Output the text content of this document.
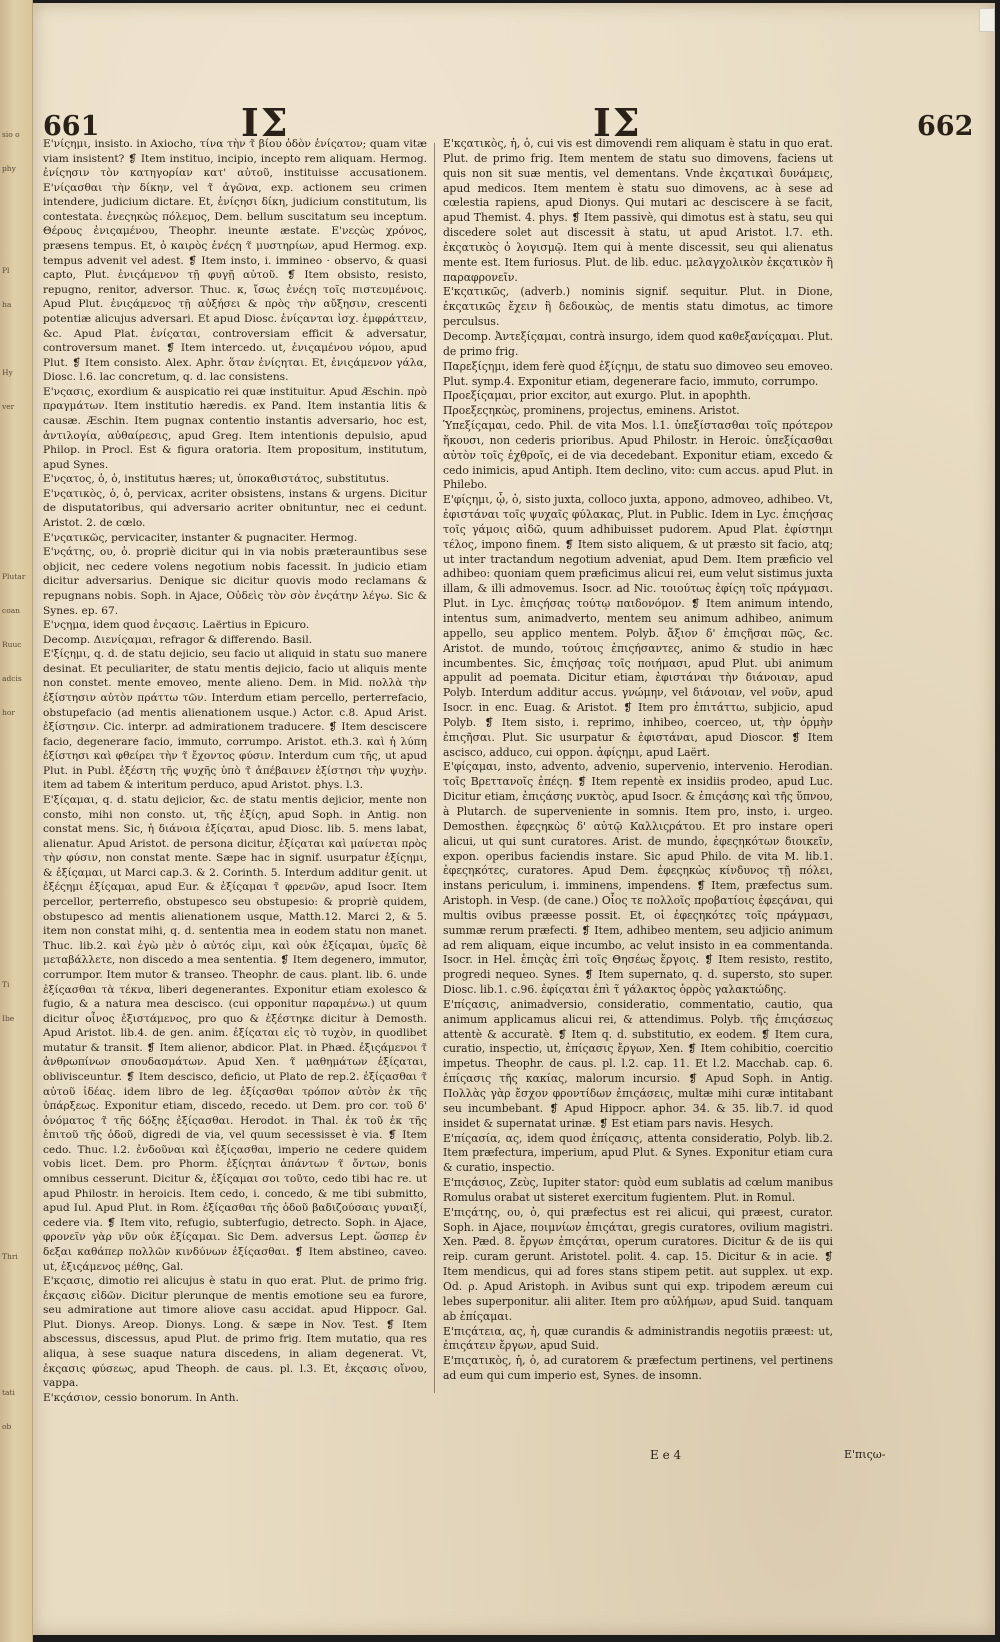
sio o
phy
Pl
ha
Hy
ver
Plutar
coan
Ruuc
adcis
hor
Ti
Ibe
Thri
tati
ob
661	IΣ	IΣ	662

E'νίςημι, insisto. in Axiocho, τίνα τὴν τ̃ βίου ὁδὸν ἐνίςατον; quam vitæ viam insistent? ❡ Item instituo, incipio, incepto rem aliquam. Hermog. ἐνίςησιν τὸν κατηγορίαν κατ' αὐτοῦ, instituisse accusationem. E'νίςασθαι τὴν δίκην, vel τ̃ ἀγῶνα, exp. actionem seu crimen intendere, judicium dictare. Et, ἐνίςησι δίκη, judicium constitutum, lis contestata. ἐνεςηκὼς πόλεμος, Dem. bellum suscitatum seu inceptum. Θέρους ἐνιςαμένου, Theophr. ineunte æstate. E'νεςὼς χρόνος, præsens tempus. Et, ὁ καιρὸς ἐνέςη τ̃ μυστηρίων, apud Hermog. exp. tempus advenit vel adest. ❡ Item insto, i. immineo · observo, & quasi capto, Plut. ἐνιςάμενον τῇ φυγῇ αὐτοῦ. ❡ Item obsisto, resisto, repugno, renitor, adversor. Thuc. κ, ἴσως ἐνέςη τοῖς πιστευμένοις. Apud Plut. ἐνιςάμενος τῇ αὐξήσει & πρὸς τὴν αὔξησιν, crescenti potentiæ alicujus adversari. Et apud Diosc. ἐνίςανται ἰσχ. ἐμφράττειν, &c. Apud Plat. ἐνίςαται, controversiam efficit & adversatur, controversum manet. ❡ Item intercedo. ut, ἐνιςαμένου νόμου, apud Plut. ❡ Item consisto. Alex. Aphr. ὅταν ἐνίςηται. Et, ἐνιςάμενον γάλα, Diosc. l.6. lac concretum, q. d. lac consistens.

E'νςασις, exordium & auspicatio rei quæ instituitur. Apud Æschin. πρὸ πραγμάτων. Item institutio hæredis. ex Pand. Item instantia litis & causæ. Æschin. Item pugnax contentio instantis adversario, hoc est, ἀντιλογία, αὐθαίρεσις, apud Greg. Item intentionis depulsio, apud Philop. in Procl. Est & figura oratoria. Item propositum, institutum, apud Synes.

E'νςατος, ὁ, ὁ, institutus hæres; ut, ὑποκαθιστάτος, substitutus.

E'νςατικὸς, ὁ, ὁ, pervicax, acriter obsistens, instans & urgens. Dicitur de disputatoribus, qui adversario acriter obnituntur, nec ei cedunt. Aristot. 2. de cœlo.

E'νςατικῶς, pervicaciter, instanter & pugnaciter. Hermog.

E'νςάτης, ου, ὁ. propriè dicitur qui in via nobis præterauntibus sese objicit, nec cedere volens negotium nobis facessit. In judicio etiam dicitur adversarius. Denique sic dicitur quovis modo reclamans & repugnans nobis. Soph. in Ajace, Οὐδεὶς τὸν σὸν ἐνςάτην λέγω. Sic & Synes. ep. 67.

E'νςημα, idem quod ἐνςασις. Laërtius in Epicuro.

Decomp. Διενίςαμαι, refragor & differendo. Basil.

E'ξίςημι, q. d. de statu dejicio, seu facio ut aliquid in statu suo manere desinat. Et peculiariter, de statu mentis dejicio, facio ut aliquis mente non constet. mente emoveo, mente alieno. Dem. in Mid. πολλὰ τὴν ἐξίστησιν αὐτὸν πράττω τῶν. Interdum etiam percello, perterrefacio, obstupefacio (ad mentis alienationem usque.) Actor. c.8. Apud Arist. ἐξίστησιν. Cic. interpr. ad admirationem traducere. ❡ Item desciscere facio, degenerare facio, immuto, corrumpo. Aristot. eth.3. καὶ ἡ λύπη ἐξίστησι καὶ φθείρει τὴν τ̃ ἔχοντος φύσιν. Interdum cum τῆς, ut apud Plut. in Publ. ἐξέστη τῆς ψυχῆς ὑπὸ τ̃ ἀπέβαινεν ἐξίστησι τὴν ψυχὴν. item ad tabem & interitum perduco, apud Aristot. phys. l.3.

E'ξίςαμαι, q. d. statu dejicior, &c. de statu mentis dejicior, mente non consto, mihi non consto. ut, τῆς ἐξίςη, apud Soph. in Antig. non constat mens. Sic, ἡ διάνοια ἐξίςαται, apud Diosc. lib. 5. mens labat, alienatur. Apud Aristot. de persona dicitur, ἐξίςαται καὶ μαίνεται πρὸς τὴν φύσιν, non constat mente. Sæpe hac in signif. usurpatur ἐξίςημι, & ἐξίςαμαι, ut Marci cap.3. & 2. Corinth. 5. Interdum additur genit. ut ἐξέςημι ἐξίςαμαι, apud Eur. & ἐξίςαμαι τ̃ φρενῶν, apud Isocr. Item percellor, perterrefio, obstupesco seu obstupesio: & propriè quidem, obstupesco ad mentis alienationem usque, Matth.12. Marci 2, & 5. item non constat mihi, q. d. sententia mea in eodem statu non manet. Thuc. lib.2. καὶ ἐγὼ μὲν ὁ αὐτός εἰμι, καὶ οὐκ ἐξίςαμαι, ὑμεῖς δὲ μεταβάλλετε, non discedo a mea sententia. ❡ Item degenero, immutor, corrumpor. Item mutor & transeo. Theophr. de caus. plant. lib. 6. unde ἐξίςασθαι τὰ τέκνα, liberi degenerantes. Exponitur etiam exolesco & fugio, & a natura mea descisco. (cui opponitur παραμένω.) ut quum dicitur οἶνος ἐξιστάμενος, pro quo & ἐξέστηκε dicitur à Demosth. Apud Aristot. lib.4. de gen. anim. ἐξίςαται εἰς τὸ τυχὸν, in quodlibet mutatur & transit. ❡ Item alienor, abdicor. Plat. in Phæd. ἐξιςάμενοι τ̃ ἀνθρωπίνων σπουδασμάτων. Apud Xen. τ̃ μαθημάτων ἐξίςαται, oblivisceuntur. ❡ Item descisco, deficio, ut Plato de rep.2. ἐξίςασθαι τ̃ αὐτοῦ ἰδέας. idem libro de leg. ἐξίςασθαι τρόπον αὐτὸν ἐκ τῆς ὑπάρξεως. Exponitur etiam, discedo, recedo. ut Dem. pro cor. τοῦ δ' ὀνόματος τ̃ τῆς δόξης ἐξίςασθαι. Herodot. in Thal. ἐκ τοῦ ἐκ τῆς ἐπιτοῦ τῆς ὁδοῦ, digredi de via, vel quum secessisset è via. ❡ Item cedo. Thuc. l.2. ἐνδοῦναι καὶ ἐξίςασθαι, imperio ne cedere quidem vobis licet. Dem. pro Phorm. ἐξίςηται ἁπάντων τ̃ ὄντων, bonis omnibus cesserunt. Dicitur &, ἐξίςαμαι σοι τοῦτο, cedo tibi hac re. ut apud Philostr. in heroicis. Item cedo, i. concedo, & me tibi submitto, apud Iul. Apud Plut. in Rom. ἐξίςασθαι τῆς ὁδοῦ βαδιζούσαις γυναιξί, cedere via. ❡ Item vito, refugio, subterfugio, detrecto. Soph. in Ajace, φρονεῖν γὰρ νῦν οὐκ ἐξίςαμαι. Sic Dem. adversus Lept. ὥσπερ ἐν δεξαι καθάπερ πολλῶν κινδύνων ἐξίςασθαι. ❡ Item abstineo, caveo. ut, ἐξιςάμενος μέθης, Gal.

E'κςασις, dimotio rei alicujus è statu in quo erat. Plut. de primo frig. ἐκςασις εἰδῶν. Dicitur plerunque de mentis emotione seu ea furore, seu admiratione aut timore aliove casu accidat. apud Hippocr. Gal. Plut. Dionys. Areop. Dionys. Long. & sæpe in Nov. Test. ❡ Item abscessus, discessus, apud Plut. de primo frig. Item mutatio, qua res aliqua, à sese suaque natura discedens, in aliam degenerat. Vt, ἐκςασις φύσεως, apud Theoph. de caus. pl. l.3. Et, ἐκςασις οἴνου, vappa.

E'κςάσιον, cessio bonorum. In Anth.

E'κςατικὸς, ἡ, ὁ, cui vis est dimovendi rem aliquam è statu in quo erat. Plut. de primo frig. Item mentem de statu suo dimovens, faciens ut quis non sit suæ mentis, vel dementans. Vnde ἐκςατικαὶ δυνάμεις, apud medicos. Item mentem è statu suo dimovens, ac à sese ad cœlestia rapiens, apud Dionys. Qui mutari ac desciscere à se facit, apud Themist. 4. phys. ❡ Item passivè, qui dimotus est à statu, seu qui discedere solet aut discessit à statu, ut apud Aristot. l.7. eth. ἐκςατικὸς ὁ λογισμῷ. Item qui à mente discessit, seu qui alienatus mente est. Item furiosus. Plut. de lib. educ. μελαγχολικὸν ἐκςατικὸν ἢ παραφρονεῖν.

E'κςατικῶς, (adverb.) nominis signif. sequitur. Plut. in Dione, ἐκςατικῶς ἔχειν ἢ δεδοικὼς, de mentis statu dimotus, ac timore perculsus.

Decomp. Ἀντεξίςαμαι, contrà insurgo, idem quod καθεξανίςαμαι. Plut. de primo frig.

Παρεξίςημι, idem ferè quod ἐξίςημι, de statu suo dimoveo seu emoveo. Plut. symp.4. Exponitur etiam, degenerare facio, immuto, corrumpo.

Προεξίςαμαι, prior excitor, aut exurgo. Plut. in apophth.

Προεξεςηκὼς, prominens, projectus, eminens. Aristot.

Ὑπεξίςαμαι, cedo. Phil. de vita Mos. l.1. ὑπεξίστασθαι τοῖς πρότερον ἥκουσι, non cederis prioribus. Apud Philostr. in Heroic. ὑπεξίςασθαι αὐτὸν τοῖς ἐχθροῖς, ei de via decedebant. Exponitur etiam, excedo & cedo inimicis, apud Antiph. Item declino, vito: cum accus. apud Plut. in Philebo.

E'φίςημι, ᾧ, ὁ, sisto juxta, colloco juxta, appono, admoveo, adhibeo. Vt, ἐφιστάναι τοῖς ψυχαῖς φύλακας, Plut. in Public. Idem in Lyc. ἐπιςήσας τοῖς γάμοις αἰδῶ, quum adhibuisset pudorem. Apud Plat. ἐφίστημι τέλος, impono finem. ❡ Item sisto aliquem, & ut præsto sit facio, atq; ut inter tractandum negotium adveniat, apud Dem. Item præficio vel adhibeo: quoniam quem præficimus alicui rei, eum velut sistimus juxta illam, & illi admovemus. Isocr. ad Nic. τοιούτως ἐφίςη τοῖς πράγμασι. Plut. in Lyc. ἐπιςήσας τούτῳ παιδονόμον. ❡ Item animum intendo, intentus sum, animadverto, mentem seu animum adhibeo, animum appello, seu applico mentem. Polyb. ἄξιον δ' ἐπιςῆσαι πῶς, &c. Aristot. de mundo, τούτοις ἐπιςήσαντες, animo & studio in hæc incumbentes. Sic, ἐπιςήσας τοῖς ποιήμασι, apud Plut. ubi animum appulit ad poemata. Dicitur etiam, ἐφιστάναι τὴν διάνοιαν, apud Polyb. Interdum additur accus. γνώμην, vel διάνοιαν, vel νοῦν, apud Isocr. in enc. Euag. & Aristot. ❡ Item pro ἐπιτάττω, subjicio, apud Polyb. ❡ Item sisto, i. reprimo, inhibeo, coerceo, ut, τὴν ὁρμὴν ἐπιςῆσαι. Plut. Sic usurpatur & ἐφιστάναι, apud Dioscor. ❡ Item ascisco, adduco, cui oppon. ἀφίςημι, apud Laërt.

E'φίςαμαι, insto, advento, advenio, supervenio, intervenio. Herodian. τοῖς Βρεττανοῖς ἐπέςη. ❡ Item repentè ex insidiis prodeo, apud Luc. Dicitur etiam, ἐπιςάσης νυκτὸς, apud Isocr. & ἐπιςάσης καὶ τῆς ὕπνου, à Plutarch. de superveniente in somnis. Item pro, insto, i. urgeo. Demosthen. ἐφεςηκὼς δ' αὐτῷ Καλλιςράτου. Et pro instare operi alicui, ut qui sunt curatores. Arist. de mundo, ἐφεςηκότων διοικεῖν, expon. operibus faciendis instare. Sic apud Philo. de vita M. lib.1. ἐφεςηκότες, curatores. Apud Dem. ἐφεςηκὼς κίνδυνος τῇ πόλει, instans periculum, i. imminens, impendens. ❡ Item, præfectus sum. Aristoph. in Vesp. (de cane.) Οἷος τε πολλοῖς προβατίοις ἐφεςάναι, qui multis ovibus præesse possit. Et, οἱ ἐφεςηκότες τοῖς πράγμασι, summæ rerum præfecti. ❡ Item, adhibeo mentem, seu adjicio animum ad rem aliquam, eique incumbo, ac velut insisto in ea commentanda. Isocr. in Hel. ἐπιςὰς ἐπὶ τοῖς Θησέως ἔργοις. ❡ Item resisto, restito, progredi nequeo. Synes. ❡ Item supernato, q. d. supersto, sto super. Diosc. lib.1. c.96. ἐφίςαται ἐπὶ τ̃ γάλακτος ὀρρὸς γαλακτώδης.

E'πίςασις, animadversio, consideratio, commentatio, cautio, qua animum applicamus alicui rei, & attendimus. Polyb. τῆς ἐπιςάσεως attentè & accuratè. ❡ Item q. d. substitutio, ex eodem. ❡ Item cura, curatio, inspectio, ut, ἐπίςασις ἔργων, Xen. ❡ Item cohibitio, coercitio impetus. Theophr. de caus. pl. l.2. cap. 11. Et l.2. Macchab. cap. 6. ἐπίςασις τῆς κακίας, malorum incursio. ❡ Apud Soph. in Antig. Πολλὰς γὰρ ἔσχον φροντίδων ἐπιςάσεις, multæ mihi curæ intitabant seu incumbebant. ❡ Apud Hippocr. aphor. 34. & 35. lib.7. id quod insidet & supernatat urinæ. ❡ Est etiam pars navis. Hesych.

E'πίςασία, ας, idem quod ἐπίςασις, attenta consideratio, Polyb. lib.2. Item præfectura, imperium, apud Plut. & Synes. Exponitur etiam cura & curatio, inspectio.

E'πιςάσιος, Ζεὺς, Iupiter stator: quòd eum sublatis ad cœlum manibus Romulus orabat ut sisteret exercitum fugientem. Plut. in Romul.

E'πιςάτης, ου, ὁ, qui præfectus est rei alicui, qui præest, curator. Soph. in Ajace, ποιμνίων ἐπιςάται, gregis curatores, ovilium magistri. Xen. Pæd. 8. ἔργων ἐπιςάται, operum curatores. Dicitur & de iis qui reip. curam gerunt. Aristotel. polit. 4. cap. 15. Dicitur & in acie. ❡ Item mendicus, qui ad fores stans stipem petit. aut supplex. ut exp. Od. ρ. Apud Aristoph. in Avibus sunt qui exp. tripodem æreum cui lebes superponitur. alii aliter. Item pro αὐλήμων, apud Suid. tanquam ab ἐπίςαμαι.

E'πιςάτεια, ας, ἡ, quæ curandis & administrandis negotiis præest: ut, ἐπιςάτειν ἔργων, apud Suid.

E'πιςατικὸς, ἡ, ὁ, ad curatorem & præfectum pertinens, vel pertinens ad eum qui cum imperio est, Synes. de insomn.

E e 4	E'πιςω-
